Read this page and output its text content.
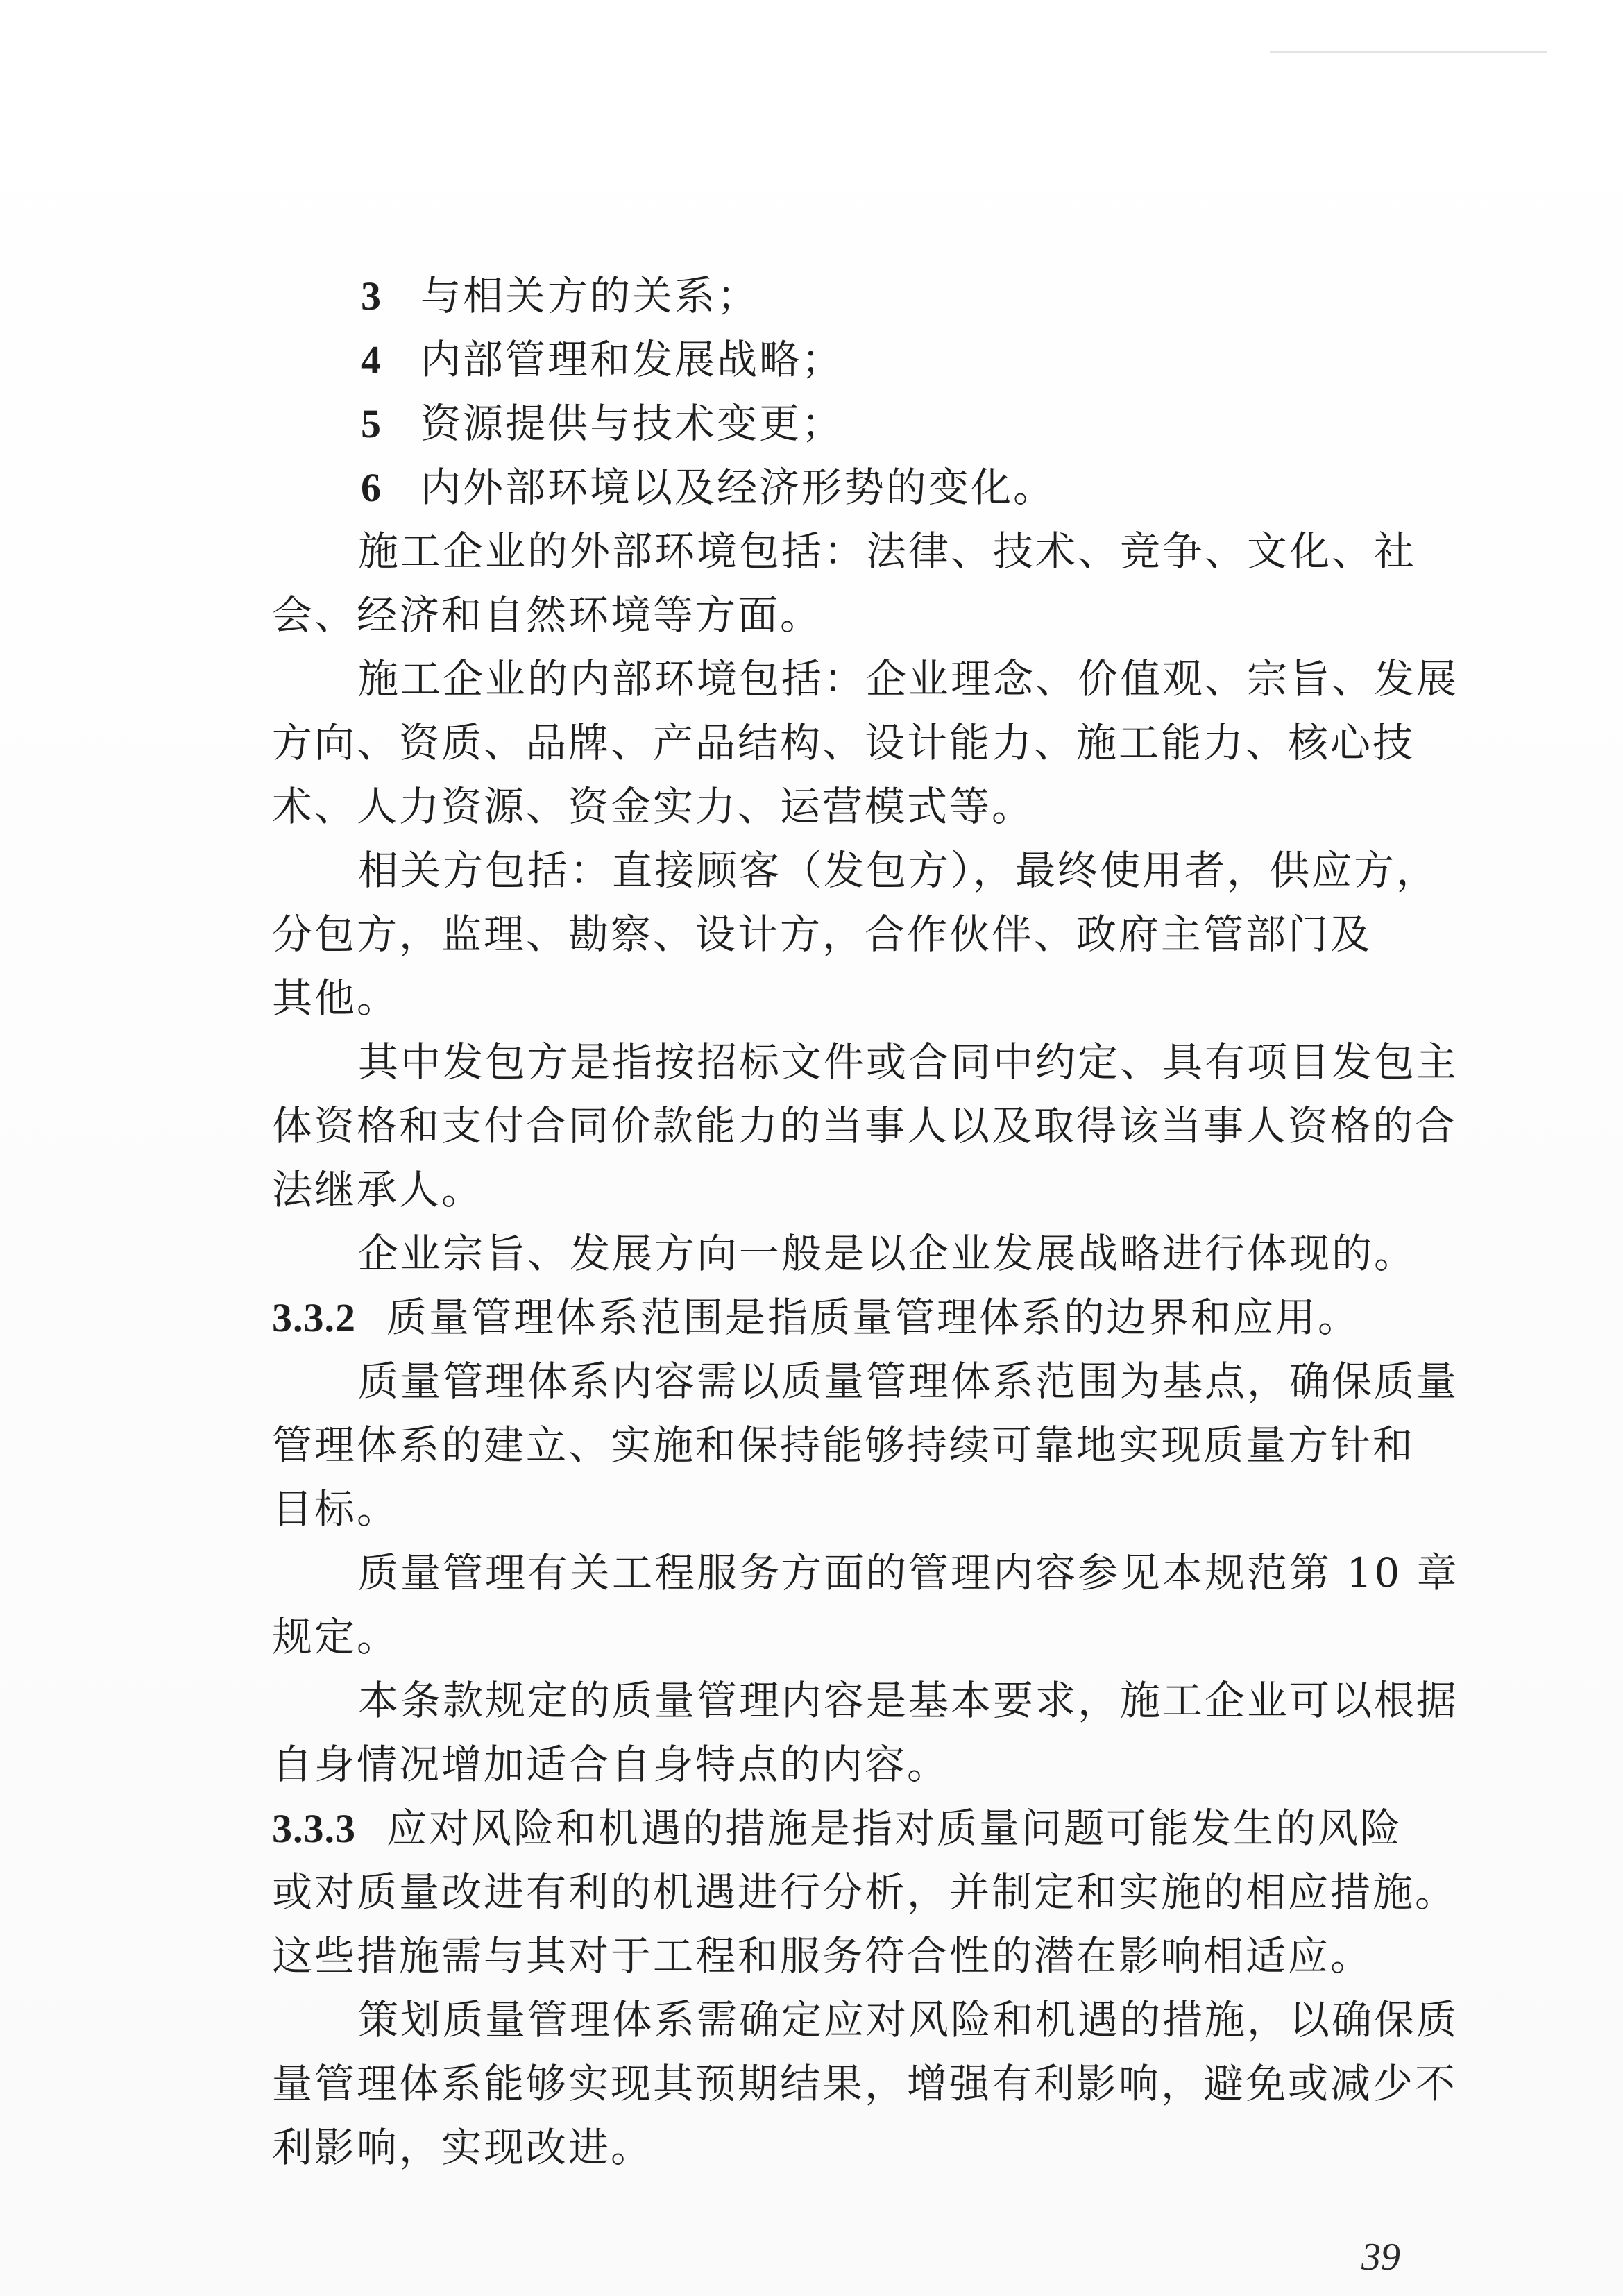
3 与相关方的关系；
4 内部管理和发展战略；
5 资源提供与技术变更；
6 内外部环境以及经济形势的变化。
施工企业的外部环境包括：法律、技术、竞争、文化、社
会、经济和自然环境等方面。
施工企业的内部环境包括：企业理念、价值观、宗旨、发展
方向、资质、品牌、产品结构、设计能力、施工能力、核心技
术、人力资源、资金实力、运营模式等。
相关方包括：直接顾客（发包方），最终使用者，供应方，
分包方，监理、勘察、设计方，合作伙伴、政府主管部门及
其他。
其中发包方是指按招标文件或合同中约定、具有项目发包主
体资格和支付合同价款能力的当事人以及取得该当事人资格的合
法继承人。
企业宗旨、发展方向一般是以企业发展战略进行体现的。
3.3.2 质量管理体系范围是指质量管理体系的边界和应用。
质量管理体系内容需以质量管理体系范围为基点，确保质量
管理体系的建立、实施和保持能够持续可靠地实现质量方针和
目标。
质量管理有关工程服务方面的管理内容参见本规范第 10 章
规定。
本条款规定的质量管理内容是基本要求，施工企业可以根据
自身情况增加适合自身特点的内容。
3.3.3 应对风险和机遇的措施是指对质量问题可能发生的风险
或对质量改进有利的机遇进行分析，并制定和实施的相应措施。
这些措施需与其对于工程和服务符合性的潜在影响相适应。
策划质量管理体系需确定应对风险和机遇的措施，以确保质
量管理体系能够实现其预期结果，增强有利影响，避免或减少不
利影响，实现改进。
39
